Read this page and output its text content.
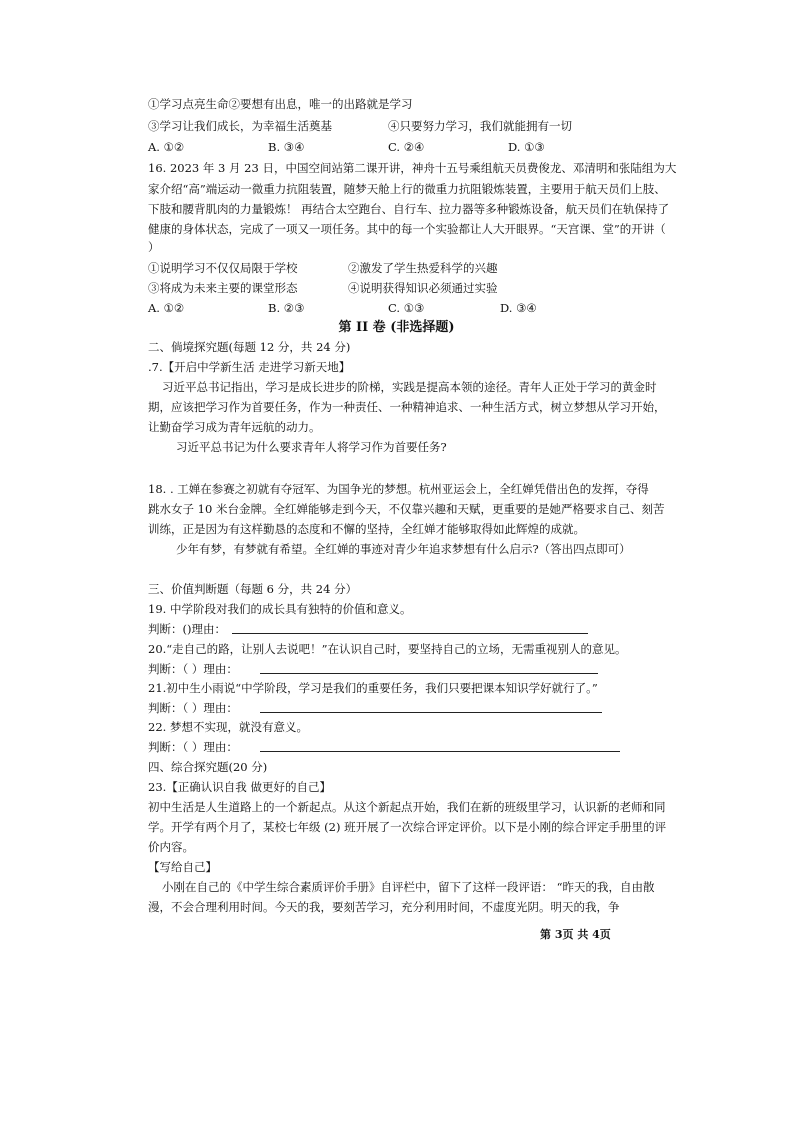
①学习点亮生命②要想有出息，唯一的出路就是学习
③学习让我们成长，为幸福生活奠基	④只要努力学习，我们就能拥有一切
A. ①②	B. ③④	C. ②④	D. ①③
16. 2023 年 3 月 23 日，中国空间站第二课开讲，神舟十五号乘组航天员费俊龙、邓清明和张陆组为大
家介绍“高”端运动一微重力抗阻装置，随梦天舱上行的微重力抗阻锻炼装置，主要用于航天员们上肢、
下肢和腰背肌肉的力量锻炼！ 再结合太空跑台、自行车、拉力器等多种锻炼设备，航天员们在轨保持了
健康的身体状态，完成了一项又一项任务。其中的每一个实验都让人大开眼界。“天宫课、堂”的开讲（
）
①说明学习不仅仅局限于学校	②激发了学生热爱科学的兴趣
③将成为未来主要的课堂形态	④说明获得知识必须通过实验
A. ①②	B. ②③	C. ①③	D. ③④
第 II 卷 (非选择题)
二、倘境探究题(每题 12 分，共 24 分)
.7.【开启中学新生活 走进学习新天地】
习近平总书记指出，学习是成长进步的阶梯，实践是提高本领的途径。青年人正处于学习的黄金时
期，应该把学习作为首要任务，作为一种责任、一种精神追求、一种生活方式，树立梦想从学习开始，
让勤奋学习成为青年远航的动力。
习近平总书记为什么要求青年人将学习作为首要任务?
18. . 工婵在参赛之初就有夺冠军、为国争光的梦想。杭州亚运会上，全红婵凭借出色的发挥，夺得
跳水女子 10 米台金牌。全红婵能够走到今天，不仅靠兴趣和天赋，更重要的是她严格要求自己、刻苦
训练，正是因为有这样勤恳的态度和不懈的坚持，全红婵才能够取得如此辉煌的成就。
少年有梦，有梦就有希望。全红婵的事迹对青少年追求梦想有什么启示?（答出四点即可）
三、价值判断题（每题 6 分，共 24 分）
19. 中学阶段对我们的成长具有独特的价值和意义。
判断：()理由：
20.“走自己的路，让别人去说吧！”在认识自己时，要坚持自己的立场，无需重视别人的意见。
判断：（ ）理由：
21.初中生小雨说“中学阶段，学习是我们的重要任务，我们只要把课本知识学好就行了。”
判断：（ ）理由：
22. 梦想不实现，就没有意义。
判断：（ ）理由：
四、综合探究题(20 分)
23.【正确认识自我 做更好的自己】
初中生活是人生道路上的一个新起点。从这个新起点开始，我们在新的班级里学习，认识新的老师和同
学。开学有两个月了，某校七年级 (2) 班开展了一次综合评定评价。以下是小刚的综合评定手册里的评
价内容。
【写给自己】
小刚在自己的《中学生综合素质评价手册》自评栏中，留下了这样一段评语： “昨天的我，自由散
漫，不会合理利用时间。今天的我，要刻苦学习，充分利用时间，不虚度光阴。明天的我，争
第 3页 共 4页
